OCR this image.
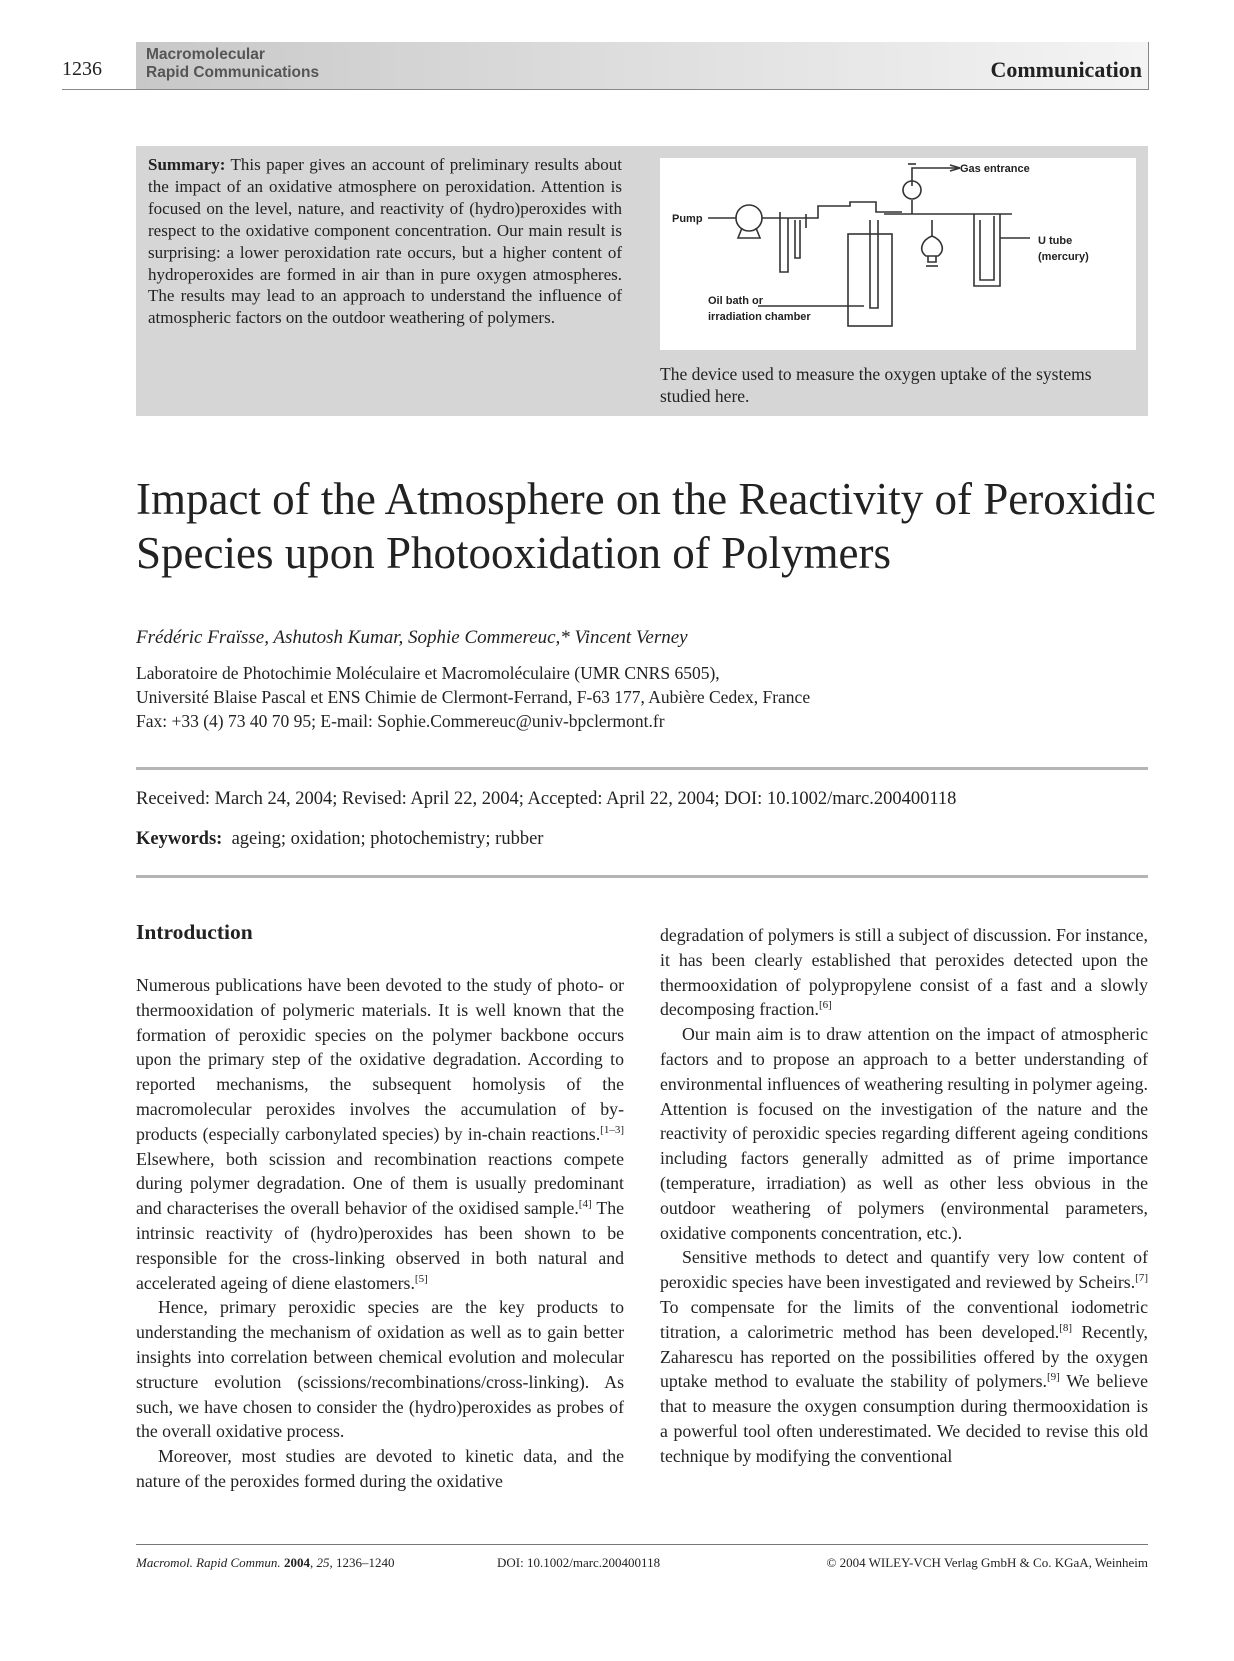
1236
Macromolecular
Rapid Communications	Communication
Summary: This paper gives an account of preliminary results about the impact of an oxidative atmosphere on peroxidation. Attention is focused on the level, nature, and reactivity of (hydro)peroxides with respect to the oxidative component concentration. Our main result is surprising: a lower peroxidation rate occurs, but a higher content of hydroperoxides are formed in air than in pure oxygen atmospheres. The results may lead to an approach to understand the influence of atmospheric factors on the outdoor weathering of polymers.
Gas entrance
Pump
U tube
(mercury)
Oil bath or
irradiation chamber
The device used to measure the oxygen uptake of the systems studied here.
Impact of the Atmosphere on the Reactivity of Peroxidic Species upon Photooxidation of Polymers
Frédéric Fraïsse, Ashutosh Kumar, Sophie Commereuc,* Vincent Verney
Laboratoire de Photochimie Moléculaire et Macromoléculaire (UMR CNRS 6505),
Université Blaise Pascal et ENS Chimie de Clermont-Ferrand, F-63 177, Aubière Cedex, France
Fax: +33 (4) 73 40 70 95; E-mail: Sophie.Commereuc@univ-bpclermont.fr
Received: March 24, 2004; Revised: April 22, 2004; Accepted: April 22, 2004; DOI: 10.1002/marc.200400118
Keywords: ageing; oxidation; photochemistry; rubber
Introduction

Numerous publications have been devoted to the study of photo- or thermooxidation of polymeric materials. It is well known that the formation of peroxidic species on the polymer backbone occurs upon the primary step of the oxidative degradation. According to reported mechanisms, the subsequent homolysis of the macromolecular peroxides involves the accumulation of by-products (especially carbonylated species) by in-chain reactions.[1–3] Elsewhere, both scission and recombination reactions compete during polymer degradation. One of them is usually predominant and characterises the overall behavior of the oxidised sample.[4] The intrinsic reactivity of (hydro)peroxides has been shown to be responsible for the cross-linking observed in both natural and accelerated ageing of diene elastomers.[5]

Hence, primary peroxidic species are the key products to understanding the mechanism of oxidation as well as to gain better insights into correlation between chemical evolution and molecular structure evolution (scissions/recombinations/cross-linking). As such, we have chosen to consider the (hydro)peroxides as probes of the overall oxidative process.

Moreover, most studies are devoted to kinetic data, and the nature of the peroxides formed during the oxidative

degradation of polymers is still a subject of discussion. For instance, it has been clearly established that peroxides detected upon the thermooxidation of polypropylene consist of a fast and a slowly decomposing fraction.[6]

Our main aim is to draw attention on the impact of atmospheric factors and to propose an approach to a better understanding of environmental influences of weathering resulting in polymer ageing. Attention is focused on the investigation of the nature and the reactivity of peroxidic species regarding different ageing conditions including factors generally admitted as of prime importance (temperature, irradiation) as well as other less obvious in the outdoor weathering of polymers (environmental parameters, oxidative components concentration, etc.).

Sensitive methods to detect and quantify very low content of peroxidic species have been investigated and reviewed by Scheirs.[7] To compensate for the limits of the conventional iodometric titration, a calorimetric method has been developed.[8] Recently, Zaharescu has reported on the possibilities offered by the oxygen uptake method to evaluate the stability of polymers.[9] We believe that to measure the oxygen consumption during thermooxidation is a powerful tool often underestimated. We decided to revise this old technique by modifying the conventional

Macromol. Rapid Commun. 2004, 25, 1236–1240	DOI: 10.1002/marc.200400118	© 2004 WILEY-VCH Verlag GmbH & Co. KGaA, Weinheim
